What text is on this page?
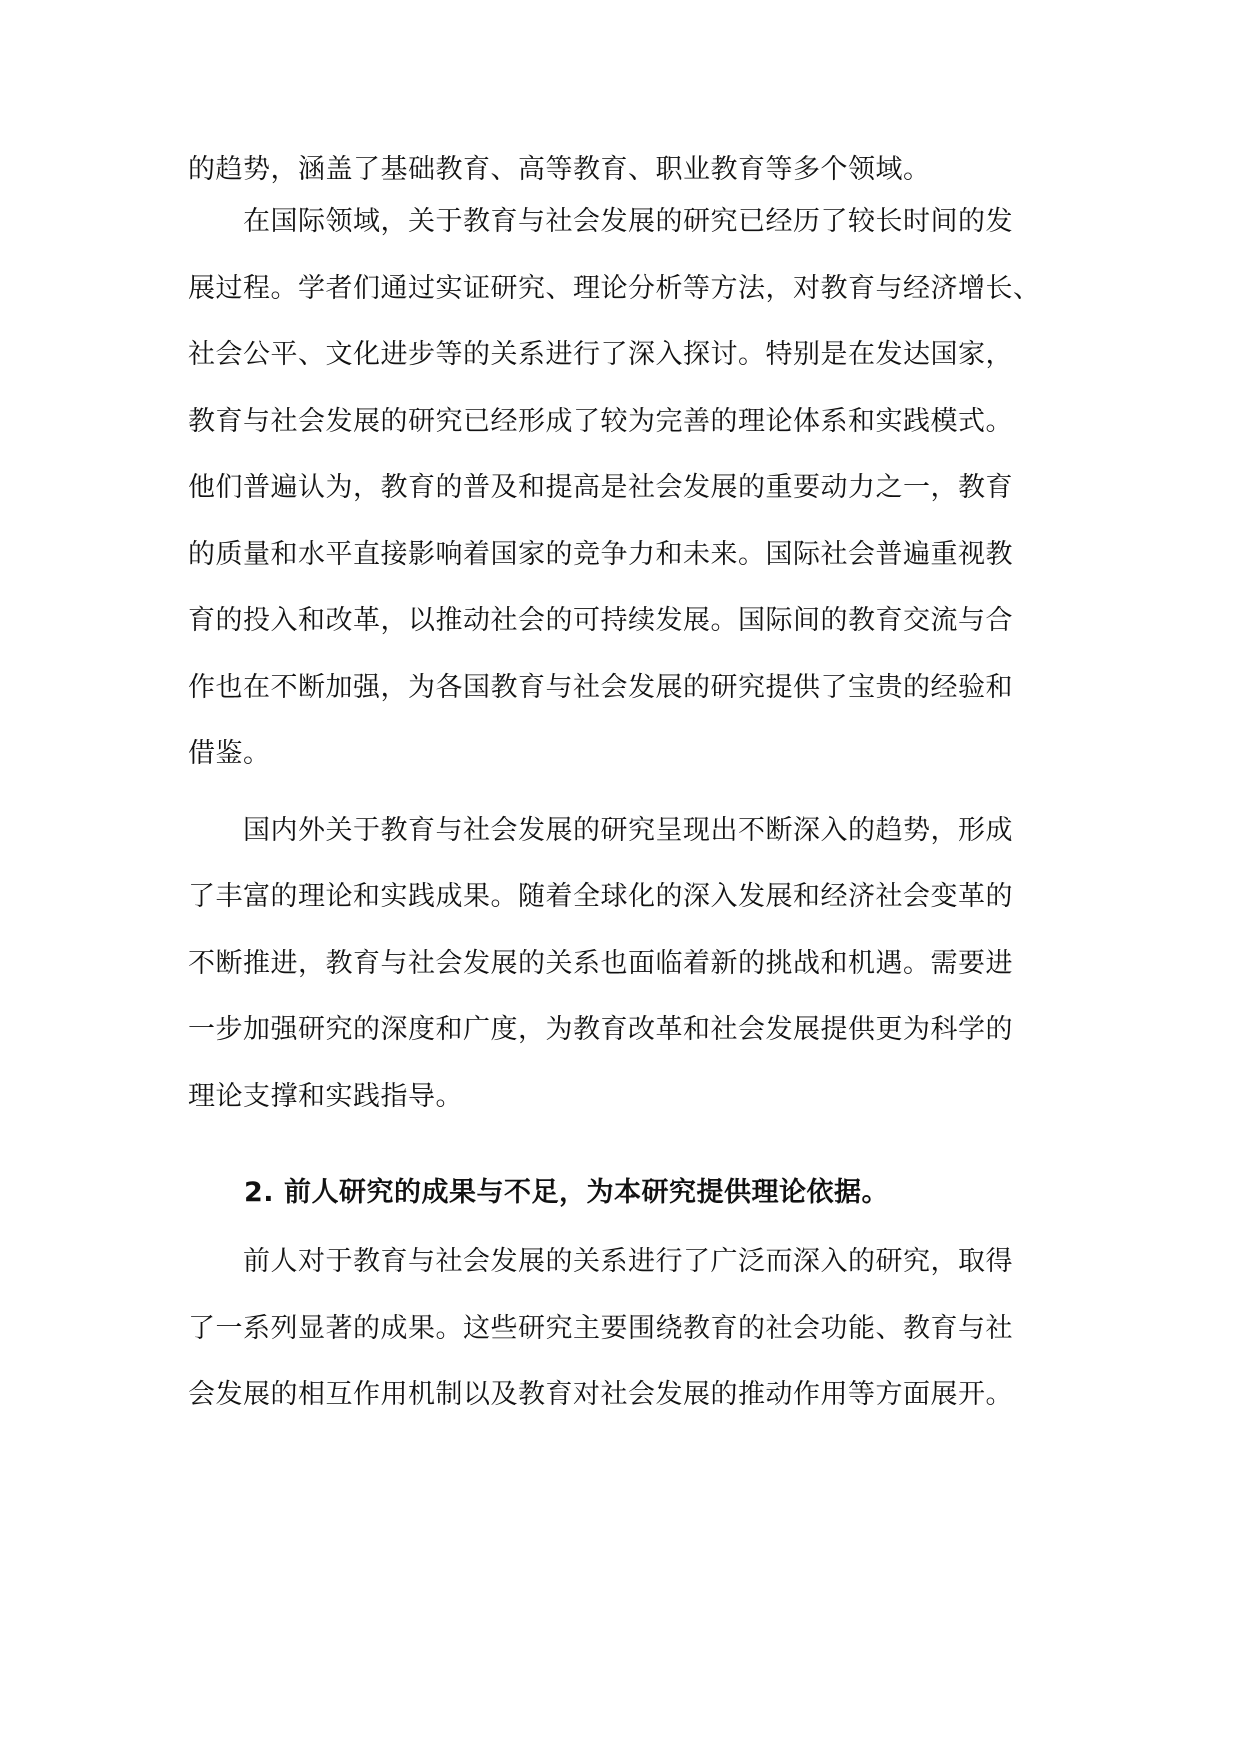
的趋势，涵盖了基础教育、高等教育、职业教育等多个领域。
在国际领域，关于教育与社会发展的研究已经历了较长时间的发
展过程。学者们通过实证研究、理论分析等方法，对教育与经济增长、
社会公平、文化进步等的关系进行了深入探讨。特别是在发达国家，
教育与社会发展的研究已经形成了较为完善的理论体系和实践模式。
他们普遍认为，教育的普及和提高是社会发展的重要动力之一，教育
的质量和水平直接影响着国家的竞争力和未来。国际社会普遍重视教
育的投入和改革，以推动社会的可持续发展。国际间的教育交流与合
作也在不断加强，为各国教育与社会发展的研究提供了宝贵的经验和
借鉴。
国内外关于教育与社会发展的研究呈现出不断深入的趋势，形成
了丰富的理论和实践成果。随着全球化的深入发展和经济社会变革的
不断推进，教育与社会发展的关系也面临着新的挑战和机遇。需要进
一步加强研究的深度和广度，为教育改革和社会发展提供更为科学的
理论支撑和实践指导。
2. 前人研究的成果与不足，为本研究提供理论依据。
前人对于教育与社会发展的关系进行了广泛而深入的研究，取得
了一系列显著的成果。这些研究主要围绕教育的社会功能、教育与社
会发展的相互作用机制以及教育对社会发展的推动作用等方面展开。
